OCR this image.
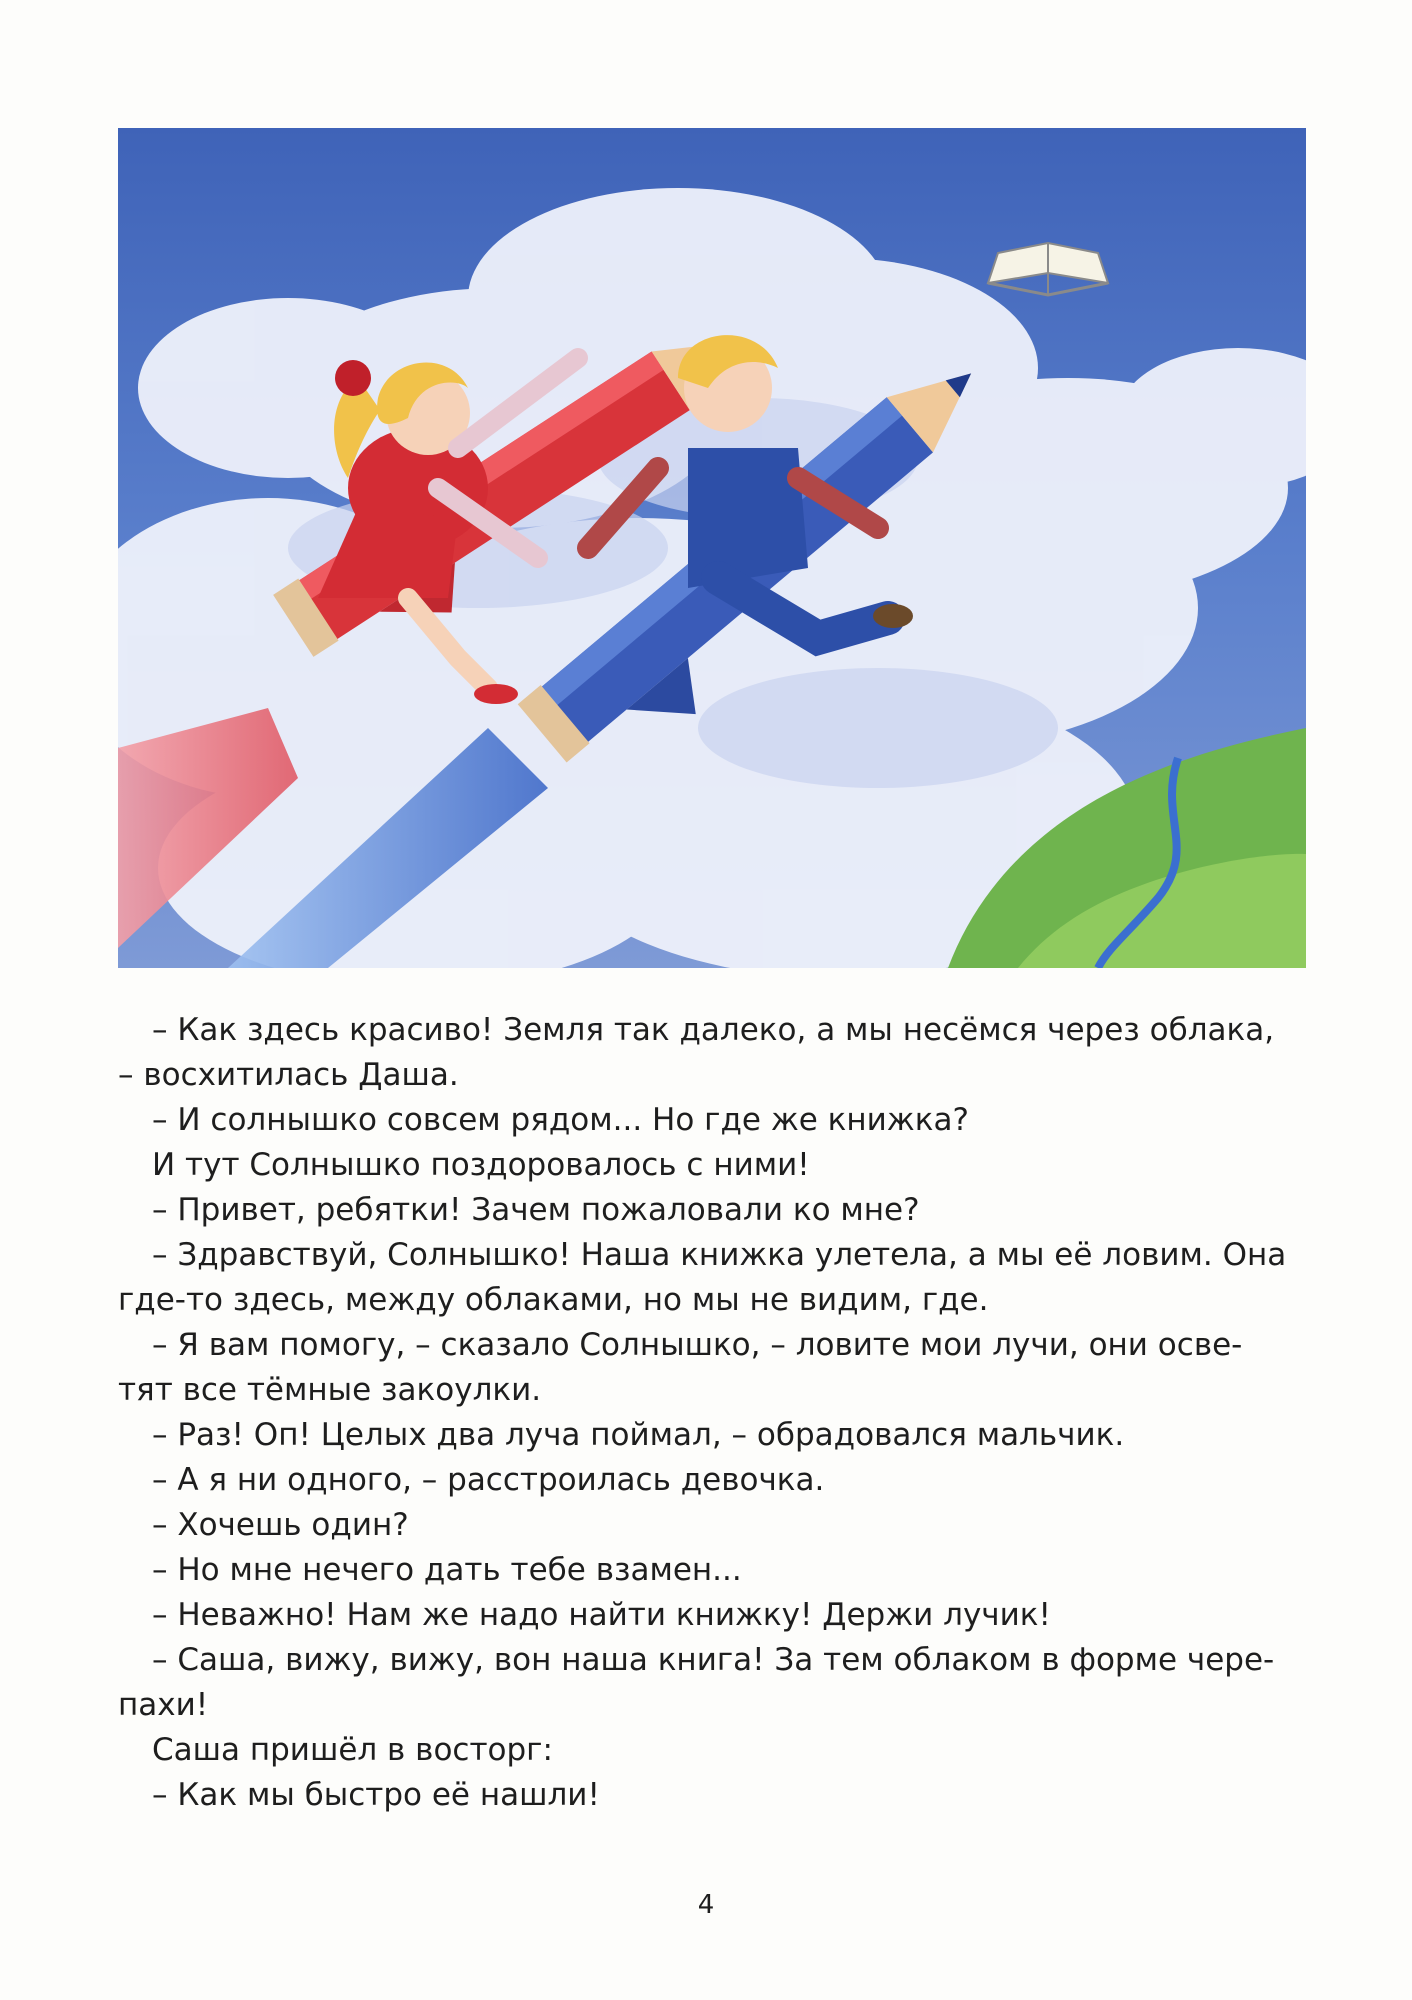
– Как здесь красиво! Земля так далеко, а мы несёмся через облака,

– восхитилась Даша.

– И солнышко совсем рядом... Но где же книжка?

И тут Солнышко поздоровалось с ними!

– Привет, ребятки! Зачем пожаловали ко мне?

– Здравствуй, Солнышко! Наша книжка улетела, а мы её ловим. Она

где-то здесь, между облаками, но мы не видим, где.

– Я вам помогу, – сказало Солнышко, – ловите мои лучи, они осве-

тят все тёмные закоулки.

– Раз! Оп! Целых два луча поймал, – обрадовался мальчик.

– А я ни одного, – расстроилась девочка.

– Хочешь один?

– Но мне нечего дать тебе взамен...

– Неважно! Нам же надо найти книжку! Держи лучик!

– Саша, вижу, вижу, вон наша книга! За тем облаком в форме чере-

пахи!

Саша пришёл в восторг:

– Как мы быстро её нашли!

4
